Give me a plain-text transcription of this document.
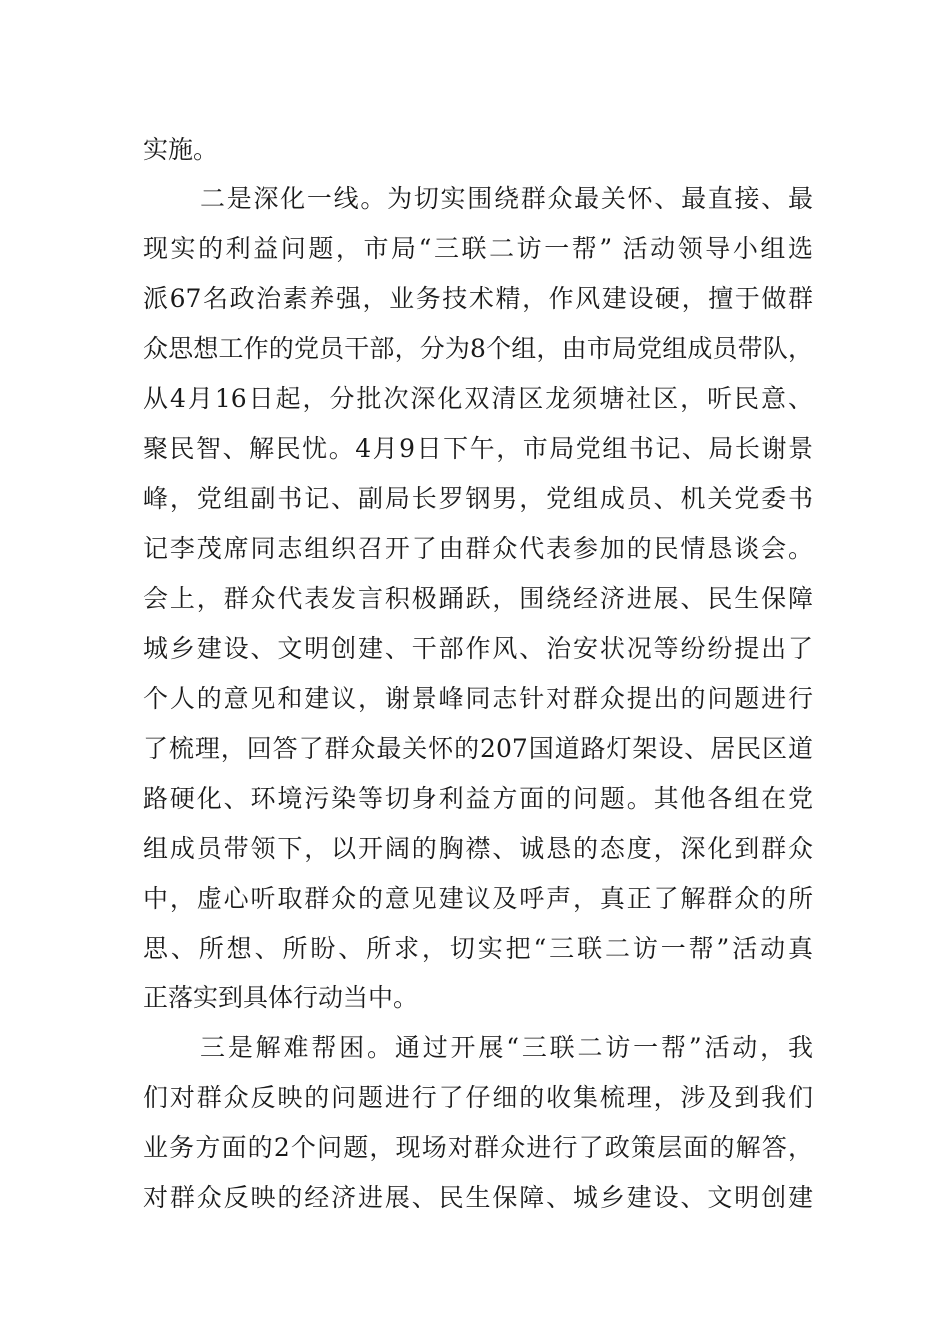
实施。
二是深化一线。为切实围绕群众最关怀、最直接、最
现实的利益问题，市局“三联二访一帮” 活动领导小组选
派67名政治素养强，业务技术精，作风建设硬，擅于做群
众思想工作的党员干部，分为8个组，由市局党组成员带队，
从4月16日起，分批次深化双清区龙须塘社区，听民意、
聚民智、解民忧。4月9日下午，市局党组书记、局长谢景
峰，党组副书记、副局长罗钢男，党组成员、机关党委书
记李茂席同志组织召开了由群众代表参加的民情恳谈会。
会上，群众代表发言积极踊跃，围绕经济进展、民生保障
城乡建设、文明创建、干部作风、治安状况等纷纷提出了
个人的意见和建议，谢景峰同志针对群众提出的问题进行
了梳理，回答了群众最关怀的207国道路灯架设、居民区道
路硬化、环境污染等切身利益方面的问题。其他各组在党
组成员带领下，以开阔的胸襟、诚恳的态度，深化到群众
中，虚心听取群众的意见建议及呼声，真正了解群众的所
思、所想、所盼、所求，切实把“三联二访一帮”活动真
正落实到具体行动当中。
三是解难帮困。通过开展“三联二访一帮”活动，我
们对群众反映的问题进行了仔细的收集梳理，涉及到我们
业务方面的2个问题，现场对群众进行了政策层面的解答，
对群众反映的经济进展、民生保障、城乡建设、文明创建
